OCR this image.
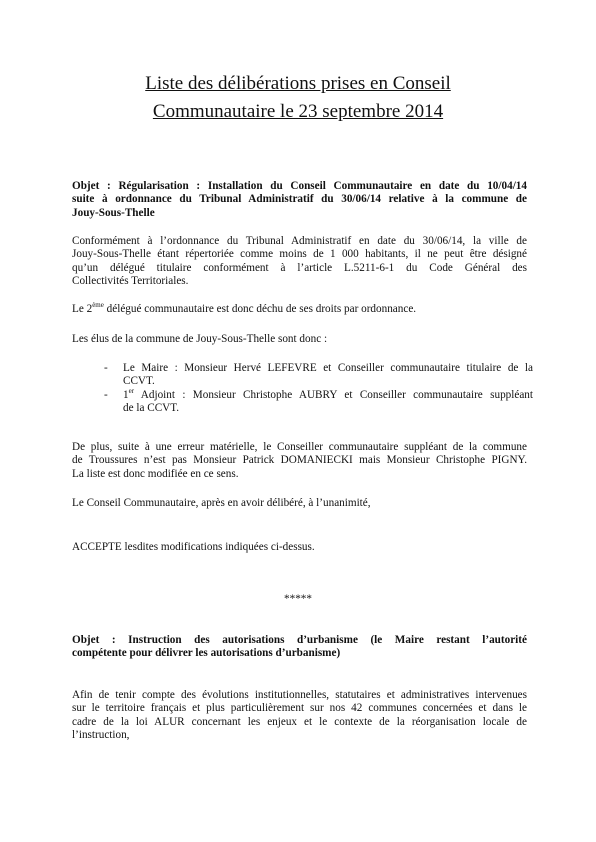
Liste des délibérations prises en Conseil
Communautaire le 23 septembre 2014
Objet : Régularisation : Installation du Conseil Communautaire en date du 10/04/14
suite à ordonnance du Tribunal Administratif du 30/06/14 relative à la commune de
Jouy-Sous-Thelle
Conformément à l’ordonnance du Tribunal Administratif en date du 30/06/14, la ville de
Jouy-Sous-Thelle étant répertoriée comme moins de 1 000 habitants, il ne peut être désigné
qu’un délégué titulaire conformément à l’article L.5211-6-1 du Code Général des
Collectivités Territoriales.
Le 2ème délégué communautaire est donc déchu de ses droits par ordonnance.
Les élus de la commune de Jouy-Sous-Thelle sont donc :
- Le Maire : Monsieur Hervé LEFEVRE et Conseiller communautaire titulaire de la
CCVT.
- 1er Adjoint : Monsieur Christophe AUBRY et Conseiller communautaire suppléant
de la CCVT.
De plus, suite à une erreur matérielle, le Conseiller communautaire suppléant de la commune
de Troussures n’est pas Monsieur Patrick DOMANIECKI mais Monsieur Christophe PIGNY.
La liste est donc modifiée en ce sens.
Le Conseil Communautaire, après en avoir délibéré, à l’unanimité,
ACCEPTE lesdites modifications indiquées ci-dessus.
*****
Objet : Instruction des autorisations d’urbanisme (le Maire restant l’autorité
compétente pour délivrer les autorisations d’urbanisme)
Afin de tenir compte des évolutions institutionnelles, statutaires et administratives intervenues
sur le territoire français et plus particulièrement sur nos 42 communes concernées et dans le
cadre de la loi ALUR concernant les enjeux et le contexte de la réorganisation locale de
l’instruction,
